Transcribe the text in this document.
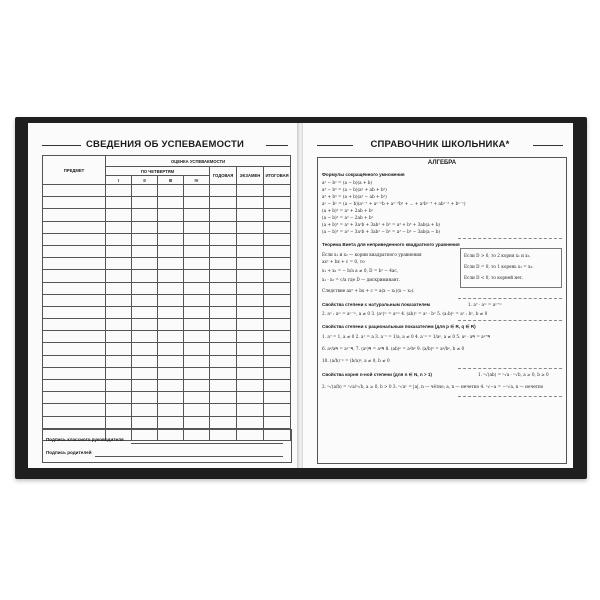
СВЕДЕНИЯ ОБ УСПЕВАЕМОСТИ
ПРЕДМЕТ	ОЦЕНКА УСПЕВАЕМОСТИ						
	ПО ЧЕТВЕРТЯМ				ГОДОВАЯ	ЭКЗАМЕН	ИТОГОВАЯ
	I	II	III	IV			

Подпись классного руководителя
Подпись родителей
СПРАВОЧНИК ШКОЛЬНИКА*
АЛГЕБРА
Формулы сокращённого умножения
a² − b² = (a − b)(a + b)
a³ − b³ = (a − b)(a² + ab + b²)
a³ + b³ = (a + b)(a² − ab + b²)
aⁿ − bⁿ = (a − b)(aⁿ⁻¹ + aⁿ⁻²b + aⁿ⁻³b² + ... + a²bⁿ⁻³ + abⁿ⁻² + bⁿ⁻¹)
(a + b)² = a² + 2ab + b²
(a − b)² = a² − 2ab + b²
(a + b)³ = a³ + 3a²b + 3ab² + b³ = a³ + b³ + 3ab(a + b)
(a − b)³ = a³ − 3a²b + 3ab² − b³ = a³ − b³ − 3ab(a − b)
Теорема Виета для неприведенного квадратного уравнения
Если x₁ и x₂ — корни квадратного уравнения
ax² + bx + c = 0, то
x₁ + x₂ = − b/a a ≠ 0, D = b² − 4ac,
x₁ · x₂ = c/a где D — дискриминант.
Если D > 0, то 2 корня x₁ и x₂.
Если D = 0, то 1 корень x₁ = x₂.
Если D < 0, то корней нет.
Следствие ax² + bx + c = a(x − x₁)(x − x₂).
Свойства степени с натуральным показателем	1. a⁰ · aᵐ = aⁿ⁺ᵐ
2. aⁿ : aᵐ = aⁿ⁻ᵐ, a ≠ 0 3. (aⁿ)ᵐ = aⁿᵐ 4. (ab)ⁿ = aⁿ · bⁿ 5. (a:b)ⁿ = aⁿ : bⁿ, b ≠ 0
Свойства степени с рациональным показателем (для p ∈ R, q ∈ R)
1. a⁰ = 1, a ≠ 0 2. a¹ = a 3. a⁻¹ = 1/a, a ≠ 0 4. a⁻ᵖ = 1/aᵖ, a ≠ 0 5. aᵖ · aᑫ = aᵖ⁺ᑫ
6. aᵖ/aᑫ = aᵖ⁻ᑫ, 7. (aᵖ)ᑫ = aᵖᑫ 8. (ab)ᵖ = aᵖbᵖ 9. (a/b)ᵖ = aᵖ/bᵖ, b ≠ 0
10. (a/b)⁻ᵖ = (b/a)ᵖ, a ≠ 0, b ≠ 0
Свойства корня n-ной степени (для n ∈ N, n > 1)	1. ⁿ√(ab) = ⁿ√a · ⁿ√b, a ≥ 0, b ≥ 0
2. ⁿ√(a/b) = ⁿ√a/ⁿ√b, a ≥ 0, b > 0 3. ⁿ√aⁿ = |a|, n — чётно; a, n — нечетно 4. ⁿ√−a = −ⁿ√a, n — нечетно
